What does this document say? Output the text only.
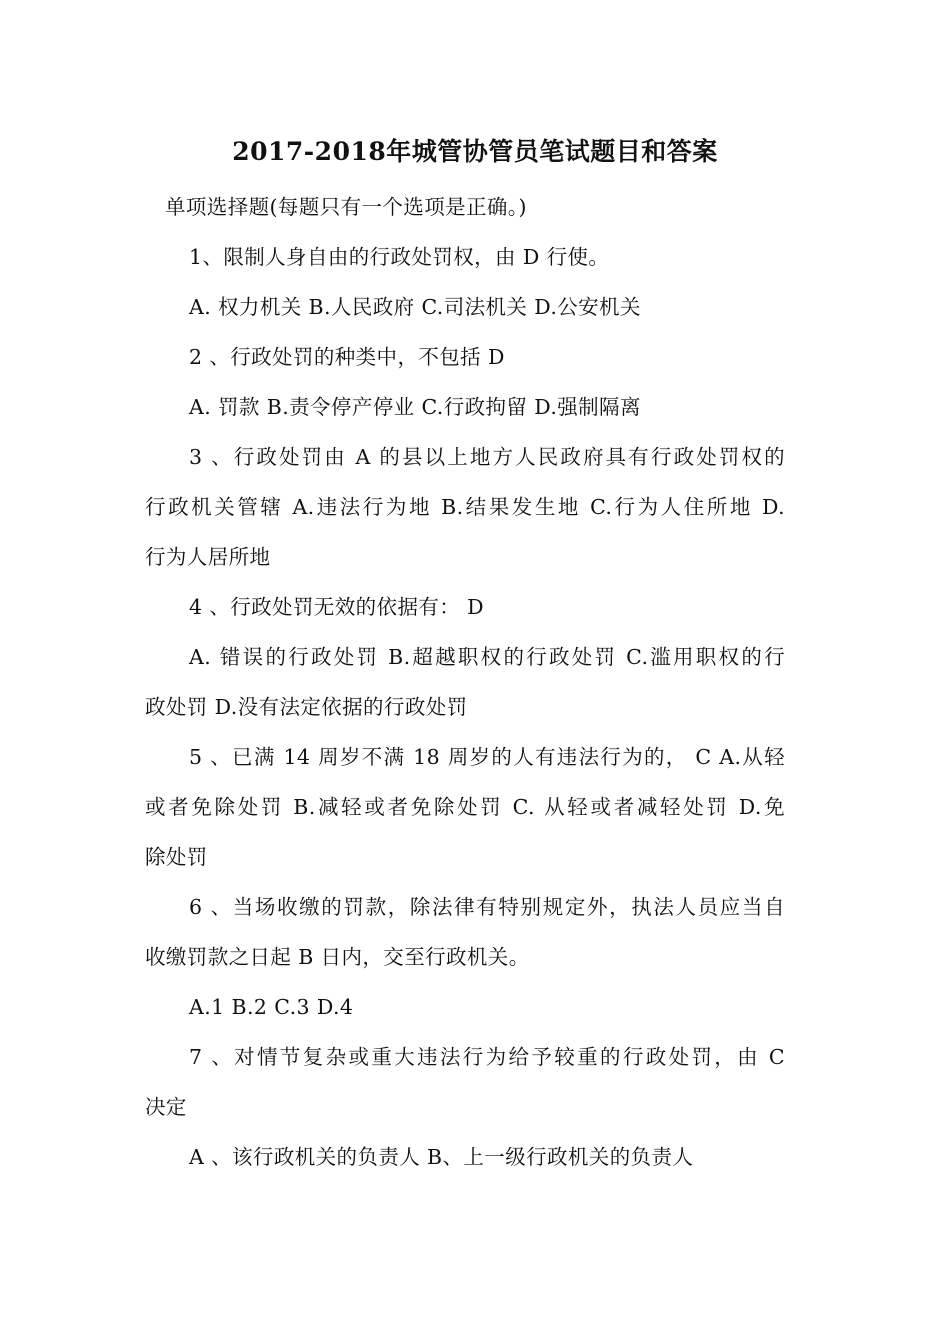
2017-2018年城管协管员笔试题目和答案
单项选择题(每题只有一个选项是正确。)
1、限制人身自由的行政处罚权，由 D 行使。
A. 权力机关 B.人民政府 C.司法机关 D.公安机关
2 、行政处罚的种类中，不包括 D
A. 罚款 B.责令停产停业 C.行政拘留 D.强制隔离
3 、行政处罚由 A 的县以上地方人民政府具有行政处罚权的
行政机关管辖 A.违法行为地 B.结果发生地 C.行为人住所地 D.
行为人居所地
4 、行政处罚无效的依据有： D
A. 错误的行政处罚 B.超越职权的行政处罚 C.滥用职权的行
政处罚 D.没有法定依据的行政处罚
5 、已满 14 周岁不满 18 周岁的人有违法行为的， C A.从轻
或者免除处罚 B.减轻或者免除处罚 C. 从轻或者减轻处罚 D.免
除处罚
6 、当场收缴的罚款，除法律有特别规定外，执法人员应当自
收缴罚款之日起 B 日内，交至行政机关。
A.1 B.2 C.3 D.4
7 、对情节复杂或重大违法行为给予较重的行政处罚，由 C
决定
A 、该行政机关的负责人 B、上一级行政机关的负责人
